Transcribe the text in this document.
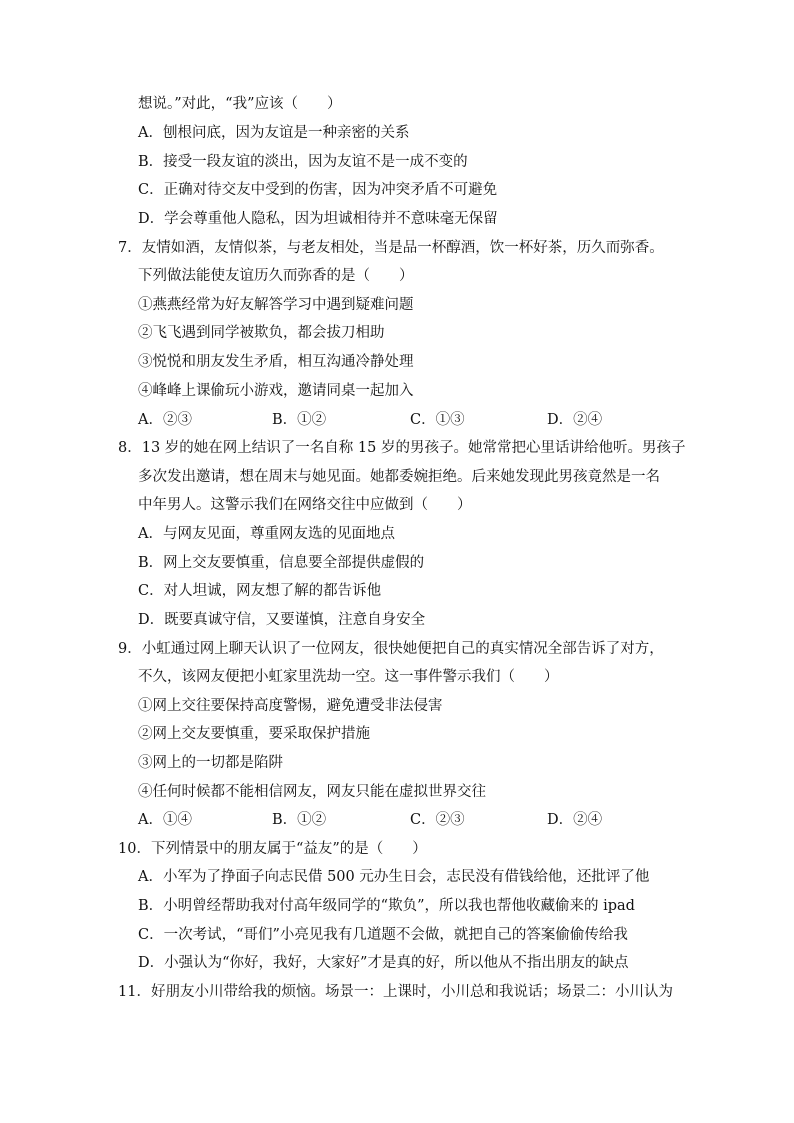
想说。”对此，“我”应该（　　）
A．刨根问底，因为友谊是一种亲密的关系
B．接受一段友谊的淡出，因为友谊不是一成不变的
C．正确对待交友中受到的伤害，因为冲突矛盾不可避免
D．学会尊重他人隐私，因为坦诚相待并不意味毫无保留
7．友情如酒，友情似茶，与老友相处，当是品一杯醇酒，饮一杯好茶，历久而弥香。
下列做法能使友谊历久而弥香的是（　　）
①燕燕经常为好友解答学习中遇到疑难问题
②飞飞遇到同学被欺负，都会拔刀相助
③悦悦和朋友发生矛盾，相互沟通冷静处理
④峰峰上课偷玩小游戏，邀请同桌一起加入
A．②③	B．①②	C．①③	D．②④
8．13 岁的她在网上结识了一名自称 15 岁的男孩子。她常常把心里话讲给他听。男孩子
多次发出邀请，想在周末与她见面。她都委婉拒绝。后来她发现此男孩竟然是一名
中年男人。这警示我们在网络交往中应做到（　　）
A．与网友见面，尊重网友选的见面地点
B．网上交友要慎重，信息要全部提供虚假的
C．对人坦诚，网友想了解的都告诉他
D．既要真诚守信，又要谨慎，注意自身安全
9．小虹通过网上聊天认识了一位网友，很快她便把自己的真实情况全部告诉了对方，
不久，该网友便把小虹家里洗劫一空。这一事件警示我们（　　）
①网上交往要保持高度警惕，避免遭受非法侵害
②网上交友要慎重，要采取保护措施
③网上的一切都是陷阱
④任何时候都不能相信网友，网友只能在虚拟世界交往
A．①④	B．①②	C．②③	D．②④
10．下列情景中的朋友属于“益友”的是（　　）
A．小军为了挣面子向志民借 500 元办生日会，志民没有借钱给他，还批评了他
B．小明曾经帮助我对付高年级同学的“欺负”，所以我也帮他收藏偷来的 ipad
C．一次考试，“哥们”小亮见我有几道题不会做，就把自己的答案偷偷传给我
D．小强认为“你好，我好，大家好”才是真的好，所以他从不指出朋友的缺点
11．好朋友小川带给我的烦恼。场景一：上课时，小川总和我说话；场景二：小川认为
